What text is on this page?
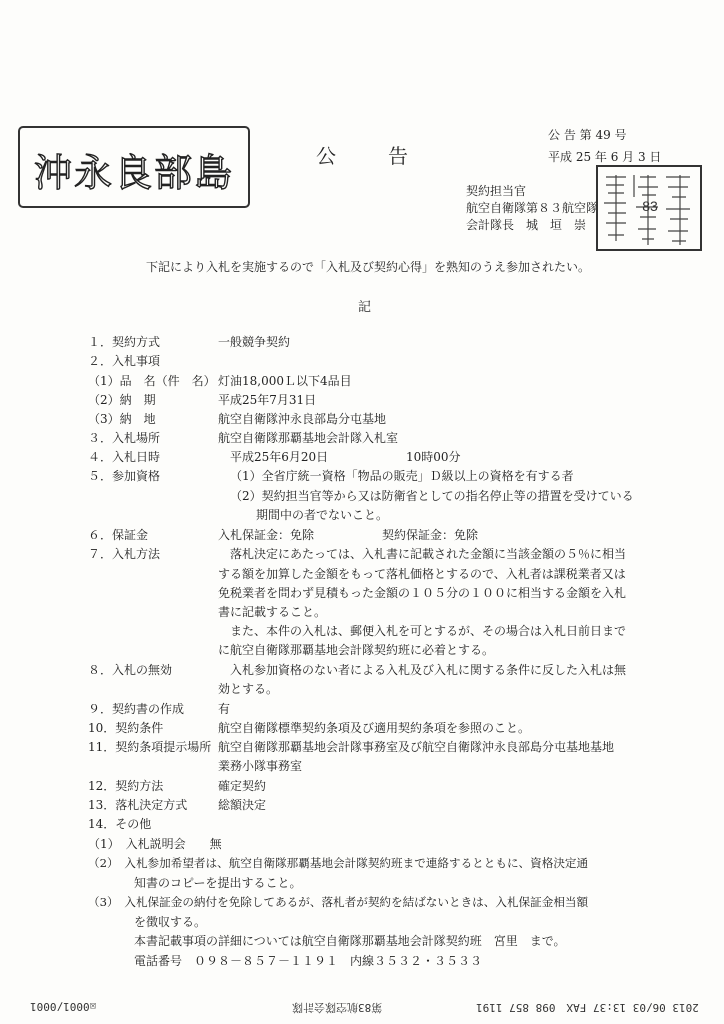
沖永良部島	公　　告
公 告 第 49 号
平成 25 年 6 月 3 日
契約担当官
航空自衛隊第８３航空隊
会計隊長　城　垣　崇
83
下記により入札を実施するので「入札及び契約心得」を熟知のうえ参加されたい。
記
１．契約方式	一般競争契約
２．入札事項
（1）品　名（件　名） 灯油18,000Ｌ以下4品目
（2）納　期	平成25年7月31日
（3）納　地	航空自衛隊沖永良部島分屯基地
３．入札場所	航空自衛隊那覇基地会計隊入札室
４．入札日時	平成25年6月20日	10時00分
５．参加資格	（1）全省庁統一資格「物品の販売」Ｄ級以上の資格を有する者
（2）契約担当官等から又は防衛省としての指名停止等の措置を受けている
期間中の者でないこと。
６．保証金	入札保証金：免除	契約保証金：免除
７．入札方法	落札決定にあたっては、入札書に記載された金額に当該金額の５％に相当
する額を加算した金額をもって落札価格とするので、入札者は課税業者又は
免税業者を問わず見積もった金額の１０５分の１００に相当する金額を入札
書に記載すること。
また、本件の入札は、郵便入札を可とするが、その場合は入札日前日まで
に航空自衛隊那覇基地会計隊契約班に必着とする。
８．入札の無効	入札参加資格のない者による入札及び入札に関する条件に反した入札は無
効とする。
９．契約書の作成	有
10．契約条件	航空自衛隊標準契約条項及び適用契約条項を参照のこと。
11．契約条項提示場所 航空自衛隊那覇基地会計隊事務室及び航空自衛隊沖永良部島分屯基地基地
業務小隊事務室
12．契約方法	確定契約
13．落札決定方式	総額決定
14．その他
（1）　入札説明会　　無
（2）　入札参加希望者は、航空自衛隊那覇基地会計隊契約班まで連絡するとともに、資格決定通
知書のコピーを提出すること。
（3）　入札保証金の納付を免除してあるが、落札者が契約を結ばないときは、入札保証金相当額
を徴収する。
本書記載事項の詳細については航空自衛隊那覇基地会計隊契約班　宮里　まで。
電話番号　０９８－８５７－１１９１　内線３５３２・３５３３
2013 06/03 13:37 FAX　098 857 1191
第83航空隊会計隊
☒0001/0001
